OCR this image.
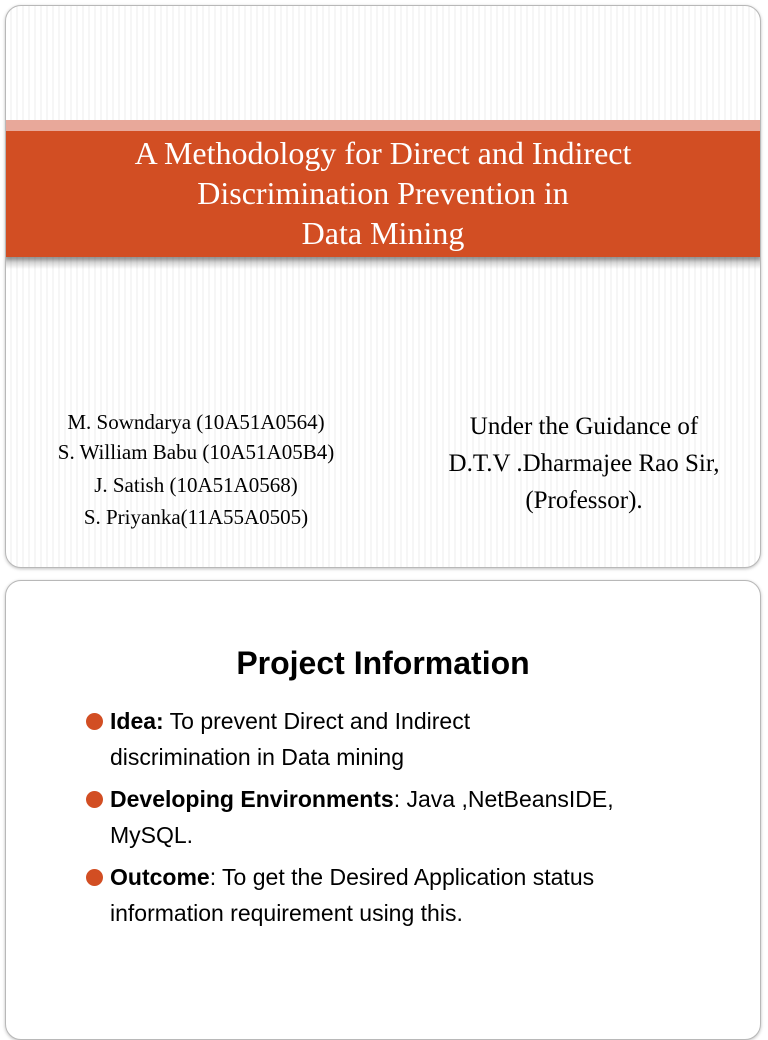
A Methodology for Direct and Indirect
Discrimination Prevention in
Data Mining
M. Sowndarya (10A51A0564)
S. William Babu (10A51A05B4)
J. Satish (10A51A0568)
S. Priyanka(11A55A0505)
Under the Guidance of
D.T.V .Dharmajee Rao Sir,
(Professor).
Project Information
Idea: To prevent Direct and Indirect
discrimination in Data mining
Developing Environments: Java ,NetBeansIDE,
MySQL.
Outcome: To get the Desired Application status
information requirement using this.
